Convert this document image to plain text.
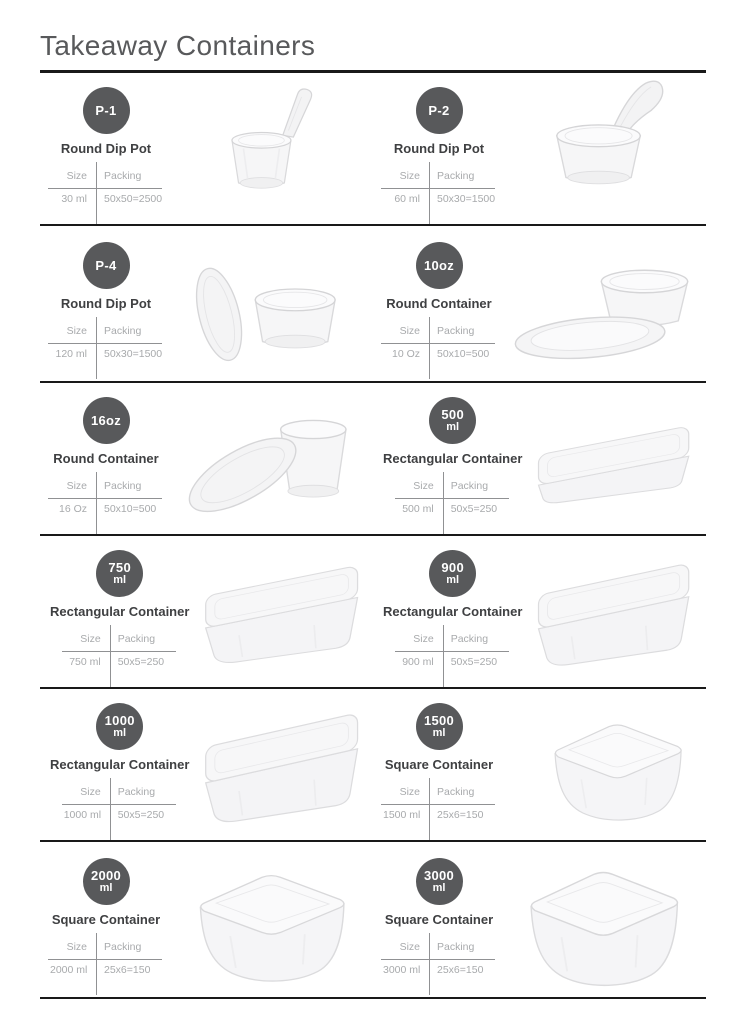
Takeaway Containers
P-1
Round Dip Pot
Size	Packing
30 ml	50x50=2500
P-2
Round Dip Pot
Size	Packing
60 ml	50x30=1500
P-4
Round Dip Pot
Size	Packing
120 ml	50x30=1500
10oz
Round Container
Size	Packing
10 Oz	50x10=500
16oz
Round Container
Size	Packing
16 Oz	50x10=500
500
ml
Rectangular Container
Size	Packing
500 ml	50x5=250
750
ml
Rectangular Container
Size	Packing
750 ml	50x5=250
900
ml
Rectangular Container
Size	Packing
900 ml	50x5=250
1000
ml
Rectangular Container
Size	Packing
1000 ml	50x5=250
1500
ml
Square Container
Size	Packing
1500 ml	25x6=150
2000
ml
Square Container
Size	Packing
2000 ml	25x6=150
3000
ml
Square Container
Size	Packing
3000 ml	25x6=150
